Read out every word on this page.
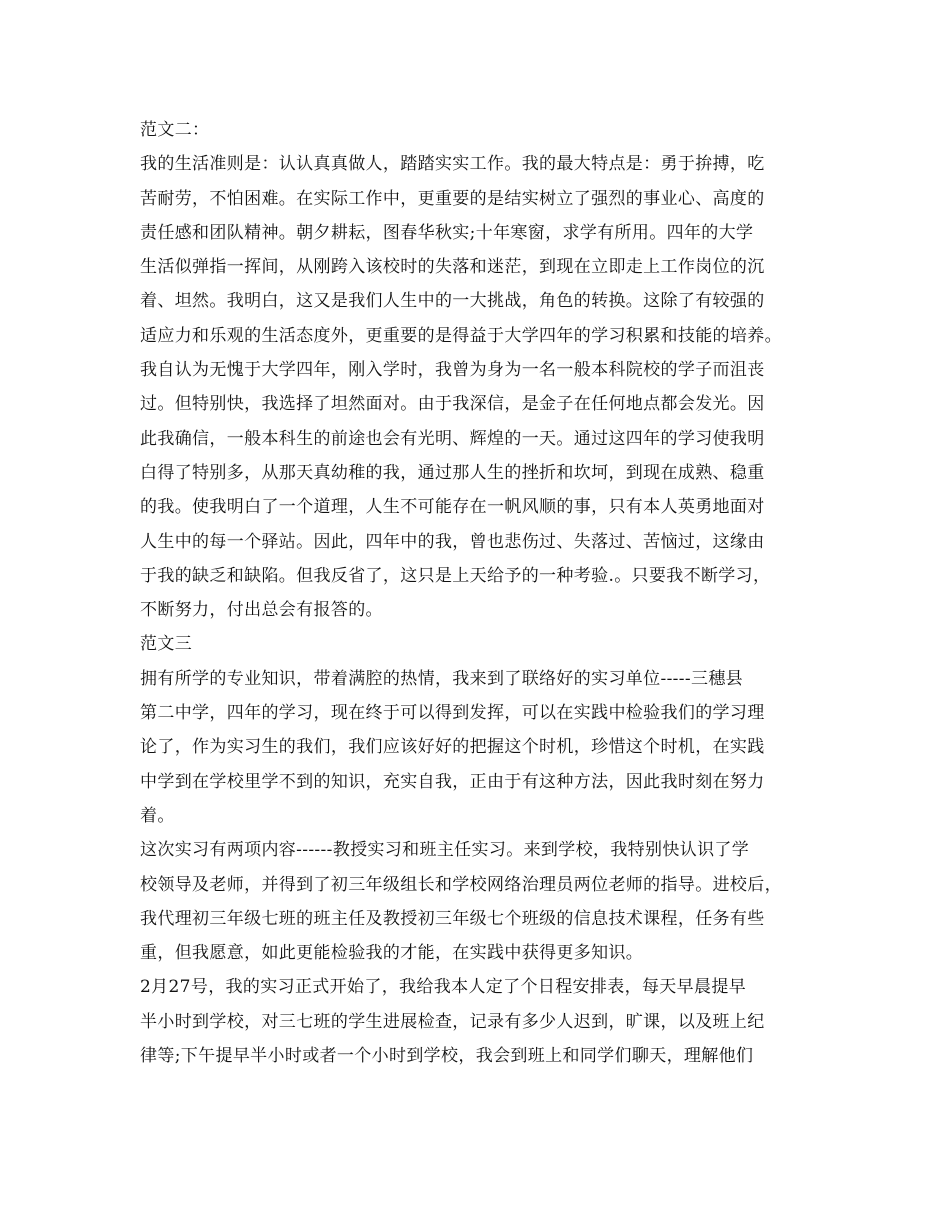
范文二：
我的生活准则是：认认真真做人，踏踏实实工作。我的最大特点是：勇于拚搏，吃
苦耐劳，不怕困难。在实际工作中，更重要的是结实树立了强烈的事业心、高度的
责任感和团队精神。朝夕耕耘，图春华秋实;十年寒窗，求学有所用。四年的大学
生活似弹指一挥间，从刚跨入该校时的失落和迷茫，到现在立即走上工作岗位的沉
着、坦然。我明白，这又是我们人生中的一大挑战，角色的转换。这除了有较强的
适应力和乐观的生活态度外，更重要的是得益于大学四年的学习积累和技能的培养。
我自认为无愧于大学四年，刚入学时，我曾为身为一名一般本科院校的学子而沮丧
过。但特别快，我选择了坦然面对。由于我深信，是金子在任何地点都会发光。因
此我确信，一般本科生的前途也会有光明、辉煌的一天。通过这四年的学习使我明
白得了特别多，从那天真幼稚的我，通过那人生的挫折和坎坷，到现在成熟、稳重
的我。使我明白了一个道理，人生不可能存在一帆风顺的事，只有本人英勇地面对
人生中的每一个驿站。因此，四年中的我，曾也悲伤过、失落过、苦恼过，这缘由
于我的缺乏和缺陷。但我反省了，这只是上天给予的一种考验.。只要我不断学习，
不断努力，付出总会有报答的。
范文三
拥有所学的专业知识，带着满腔的热情，我来到了联络好的实习单位-----三穗县
第二中学，四年的学习，现在终于可以得到发挥，可以在实践中检验我们的学习理
论了，作为实习生的我们，我们应该好好的把握这个时机，珍惜这个时机，在实践
中学到在学校里学不到的知识，充实自我，正由于有这种方法，因此我时刻在努力
着。
这次实习有两项内容------教授实习和班主任实习。来到学校，我特别快认识了学
校领导及老师，并得到了初三年级组长和学校网络治理员两位老师的指导。进校后，
我代理初三年级七班的班主任及教授初三年级七个班级的信息技术课程，任务有些
重，但我愿意，如此更能检验我的才能，在实践中获得更多知识。
2月27号，我的实习正式开始了，我给我本人定了个日程安排表，每天早晨提早
半小时到学校，对三七班的学生进展检查，记录有多少人迟到，旷课，以及班上纪
律等;下午提早半小时或者一个小时到学校，我会到班上和同学们聊天，理解他们
